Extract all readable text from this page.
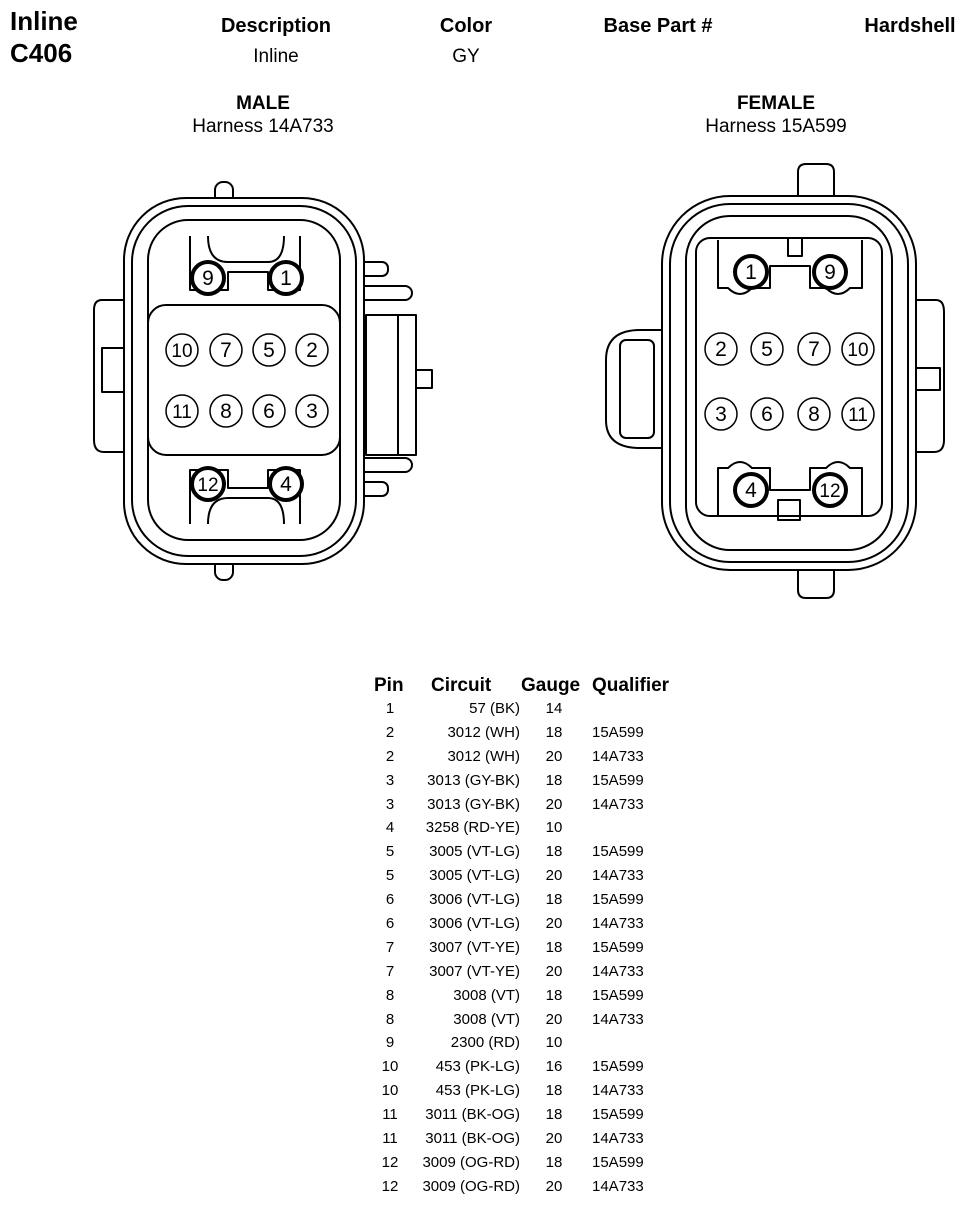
Inline
C406
Description
Inline
Color
GY
Base Part #	Hardshell
MALE
Harness 14A733
FEMALE
Harness 15A599
9	1
10 7 5 2
11 8 6 3
12	4
1	9
2 5 7 10
3 6 8 11
4	12
Pin Circuit Gauge Qualifier
1	57 (BK)	14
2	3012 (WH)	18	15A599
2	3012 (WH)	20	14A733
3	3013 (GY-BK)	18	15A599
3	3013 (GY-BK)	20	14A733
4	3258 (RD-YE)	10
5	3005 (VT-LG)	18	15A599
5	3005 (VT-LG)	20	14A733
6	3006 (VT-LG)	18	15A599
6	3006 (VT-LG)	20	14A733
7	3007 (VT-YE)	18	15A599
7	3007 (VT-YE)	20	14A733
8	3008 (VT)	18	15A599
8	3008 (VT)	20	14A733
9	2300 (RD)	10
10	453 (PK-LG)	16	15A599
10	453 (PK-LG)	18	14A733
11	3011 (BK-OG)	18	15A599
11	3011 (BK-OG)	20	14A733
12	3009 (OG-RD)	18	15A599
12	3009 (OG-RD)	20	14A733
